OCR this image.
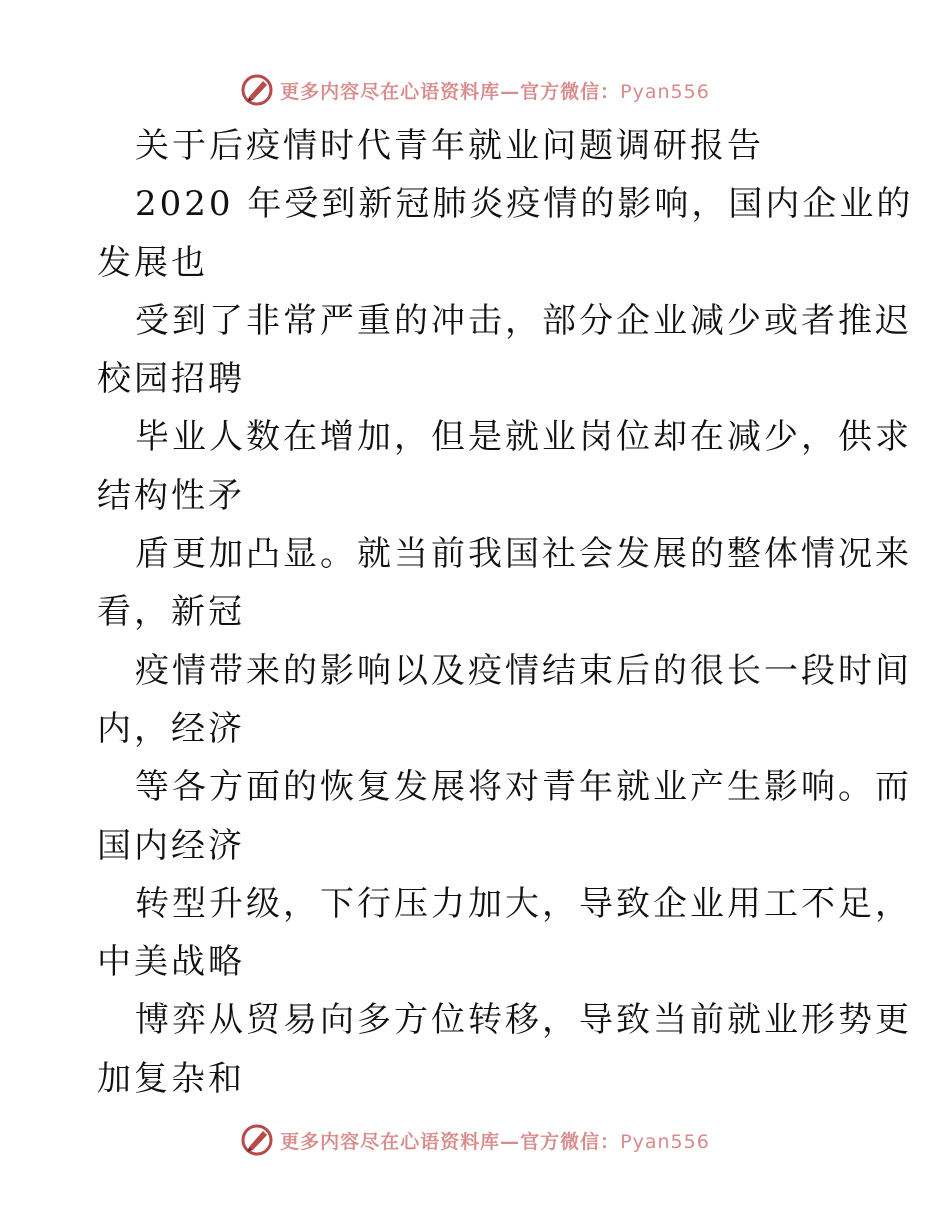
更多内容尽在心语资料库—官方微信：Pyan556
关于后疫情时代青年就业问题调研报告
2020 年受到新冠肺炎疫情的影响，国内企业的
发展也
受到了非常严重的冲击，部分企业减少或者推迟
校园招聘
毕业人数在增加，但是就业岗位却在减少，供求
结构性矛
盾更加凸显。就当前我国社会发展的整体情况来
看，新冠
疫情带来的影响以及疫情结束后的很长一段时间
内，经济
等各方面的恢复发展将对青年就业产生影响。而
国内经济
转型升级，下行压力加大，导致企业用工不足，
中美战略
博弈从贸易向多方位转移，导致当前就业形势更
加复杂和
更多内容尽在心语资料库—官方微信：Pyan556
